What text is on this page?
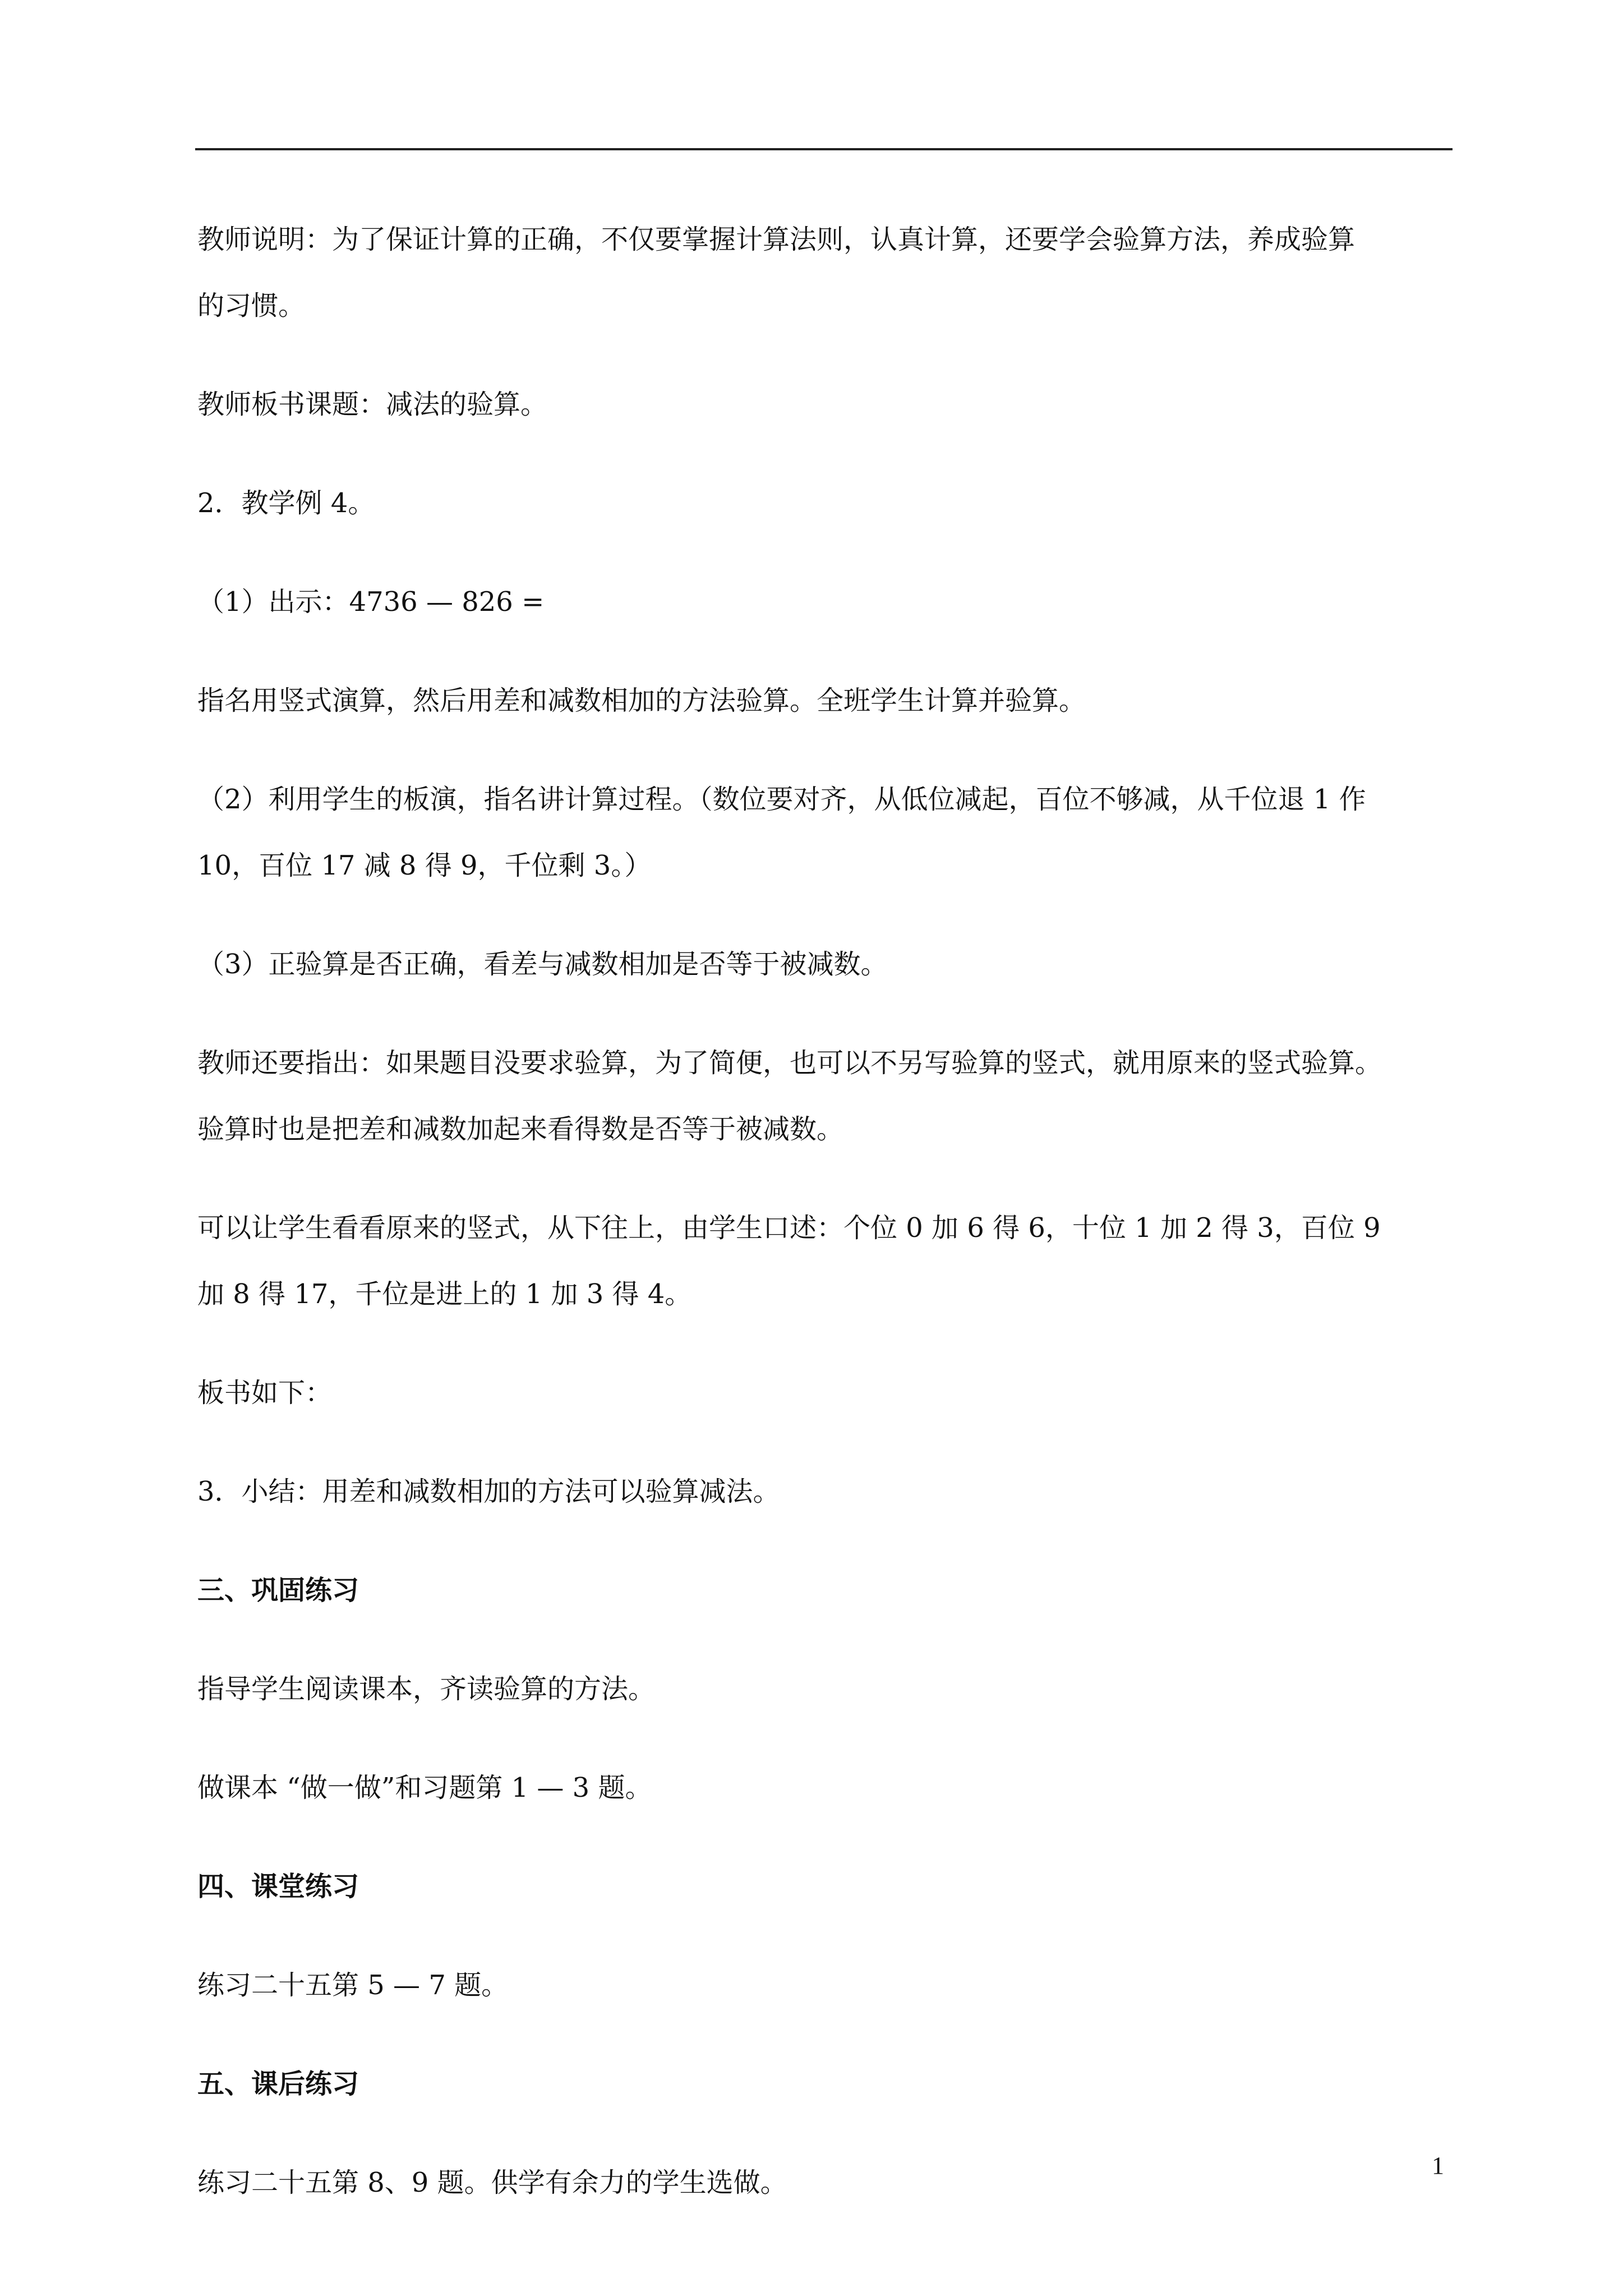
教师说明：为了保证计算的正确，不仅要掌握计算法则，认真计算，还要学会验算方法，养成验算

的习惯。

教师板书课题：减法的验算。

2．教学例 4。

（1）出示：4736 — 826 =

指名用竖式演算，然后用差和减数相加的方法验算。全班学生计算并验算。

（2）利用学生的板演，指名讲计算过程。（数位要对齐，从低位减起，百位不够减，从千位退 1 作

10，百位 17 减 8 得 9，千位剩 3。）

（3）正验算是否正确，看差与减数相加是否等于被减数。

教师还要指出：如果题目没要求验算，为了简便，也可以不另写验算的竖式，就用原来的竖式验算。

验算时也是把差和减数加起来看得数是否等于被减数。

可以让学生看看原来的竖式，从下往上，由学生口述：个位 0 加 6 得 6，十位 1 加 2 得 3，百位 9

加 8 得 17，千位是进上的 1 加 3 得 4。

板书如下：

3．小结：用差和减数相加的方法可以验算减法。

三、巩固练习

指导学生阅读课本，齐读验算的方法。

做课本 “做一做”和习题第 1 — 3 题。

四、课堂练习

练习二十五第 5 — 7 题。

五、课后练习

练习二十五第 8、9 题。供学有余力的学生选做。

1
